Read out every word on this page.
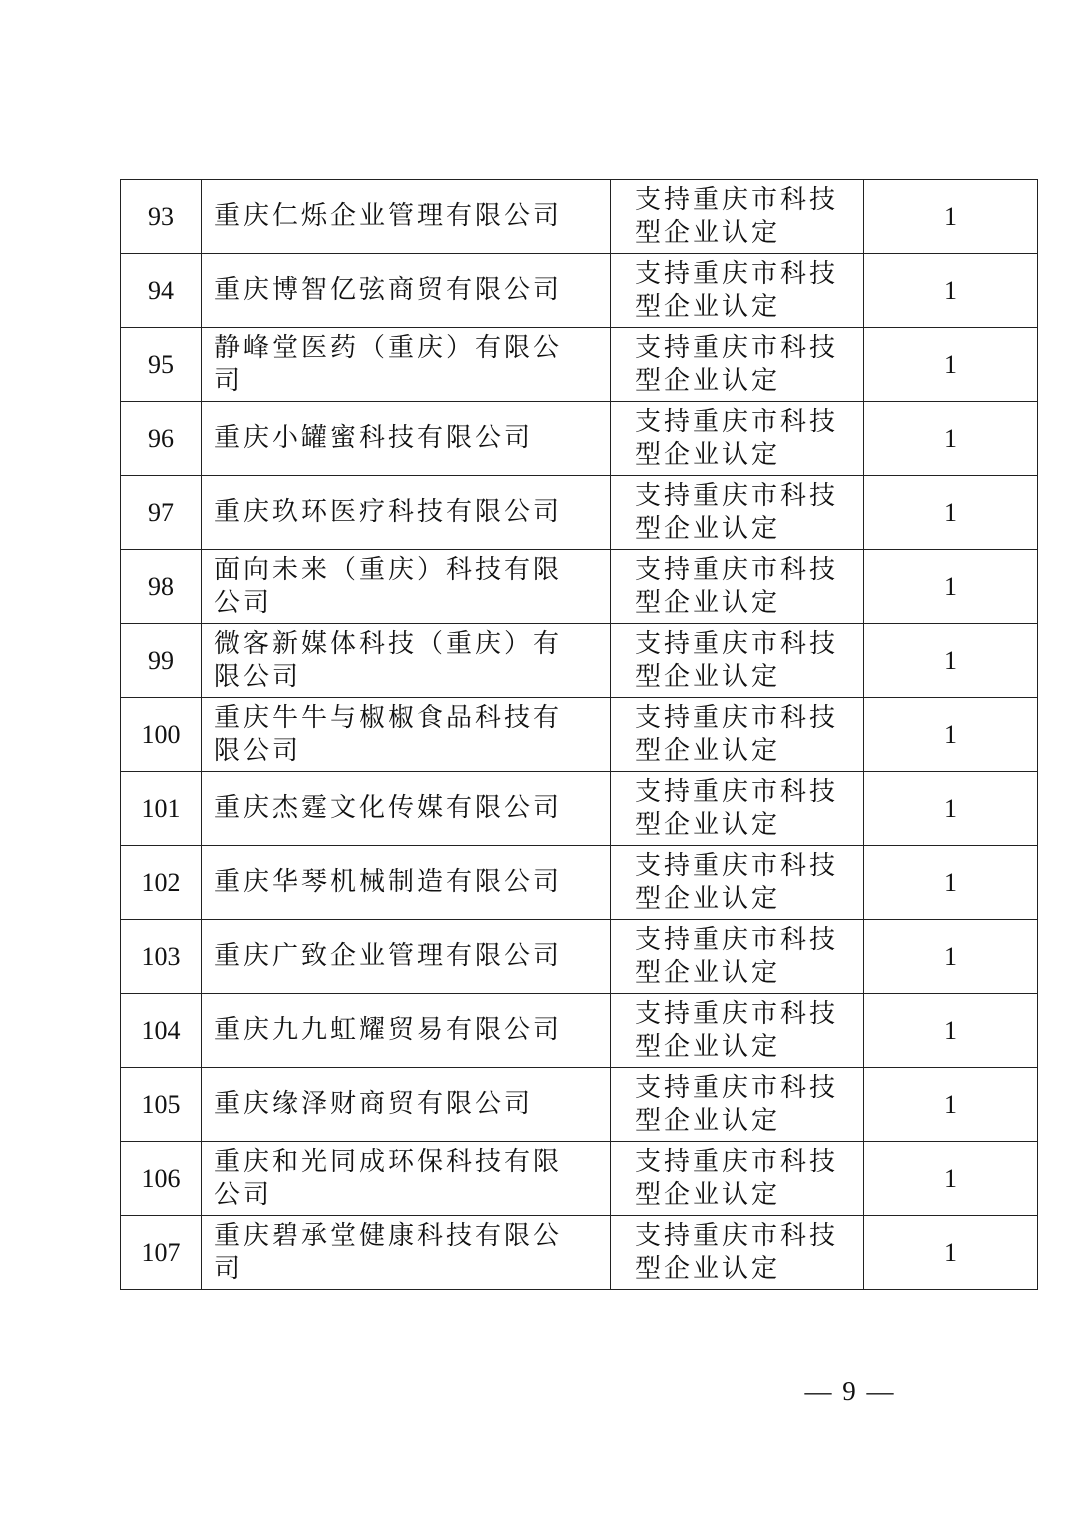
93	重庆仁烁企业管理有限公司	支持重庆市科技型企业认定	1
94	重庆博智亿弦商贸有限公司	支持重庆市科技型企业认定	1
95	静峰堂医药（重庆）有限公司	支持重庆市科技型企业认定	1
96	重庆小罐蜜科技有限公司	支持重庆市科技型企业认定	1
97	重庆玖环医疗科技有限公司	支持重庆市科技型企业认定	1
98	面向未来（重庆）科技有限公司	支持重庆市科技型企业认定	1
99	微客新媒体科技（重庆）有限公司	支持重庆市科技型企业认定	1
100	重庆牛牛与椒椒食品科技有限公司	支持重庆市科技型企业认定	1
101	重庆杰霆文化传媒有限公司	支持重庆市科技型企业认定	1
102	重庆华琴机械制造有限公司	支持重庆市科技型企业认定	1
103	重庆广致企业管理有限公司	支持重庆市科技型企业认定	1
104	重庆九九虹耀贸易有限公司	支持重庆市科技型企业认定	1
105	重庆缘泽财商贸有限公司	支持重庆市科技型企业认定	1
106	重庆和光同成环保科技有限公司	支持重庆市科技型企业认定	1
107	重庆碧承堂健康科技有限公司	支持重庆市科技型企业认定	1
— 9 —
